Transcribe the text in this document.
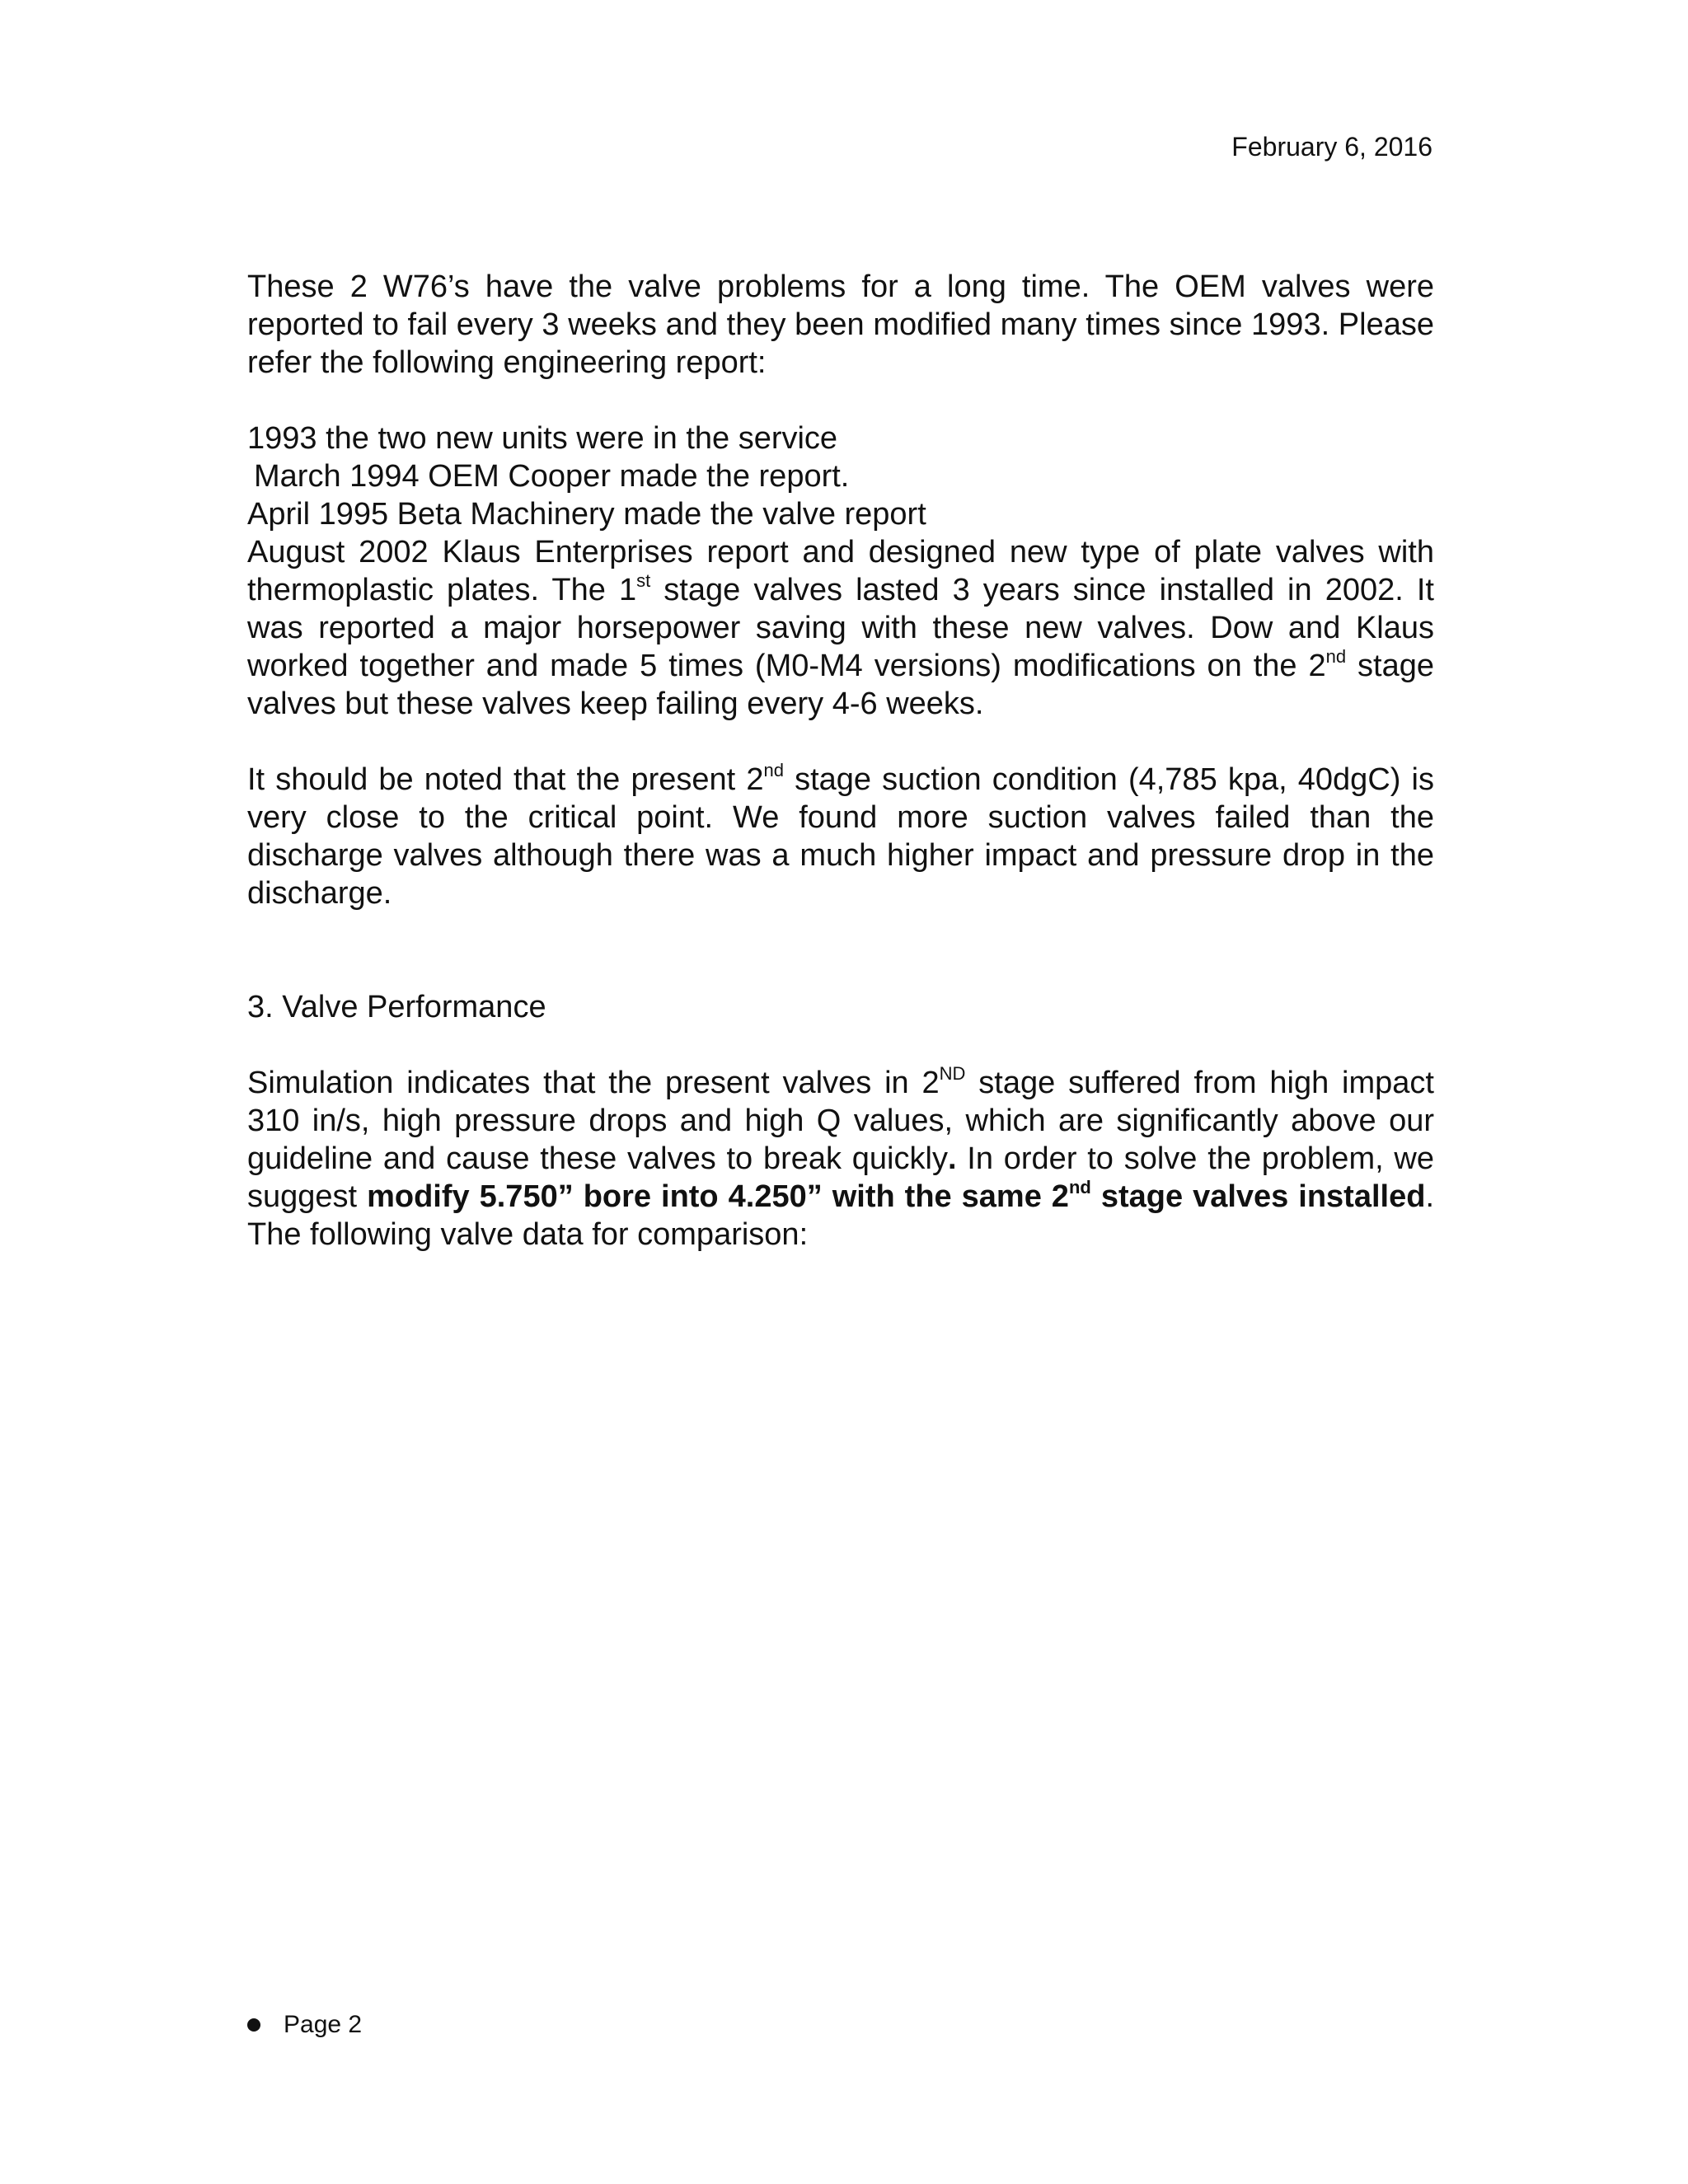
February 6, 2016

These 2 W76’s have the valve problems for a long time. The OEM valves were reported to fail every 3 weeks and they been modified many times since 1993. Please refer the following engineering report:

1993 the two new units were in the service
March 1994 OEM Cooper made the report.
April 1995 Beta Machinery made the valve report

August 2002 Klaus Enterprises report and designed new type of plate valves with thermoplastic plates. The 1st stage valves lasted 3 years since installed in 2002. It was reported a major horsepower saving with these new valves. Dow and Klaus worked together and made 5 times (M0-M4 versions) modifications on the 2nd stage valves but these valves keep failing every 4-6 weeks.

It should be noted that the present 2nd stage suction condition (4,785 kpa, 40dgC) is very close to the critical point. We found more suction valves failed than the discharge valves although there was a much higher impact and pressure drop in the discharge.

3. Valve Performance

Simulation indicates that the present valves in 2ND stage suffered from high impact 310 in/s, high pressure drops and high Q values, which are significantly above our guideline and cause these valves to break quickly. In order to solve the problem, we suggest modify 5.750” bore into 4.250” with the same 2nd stage valves installed. The following valve data for comparison:

Page 2
